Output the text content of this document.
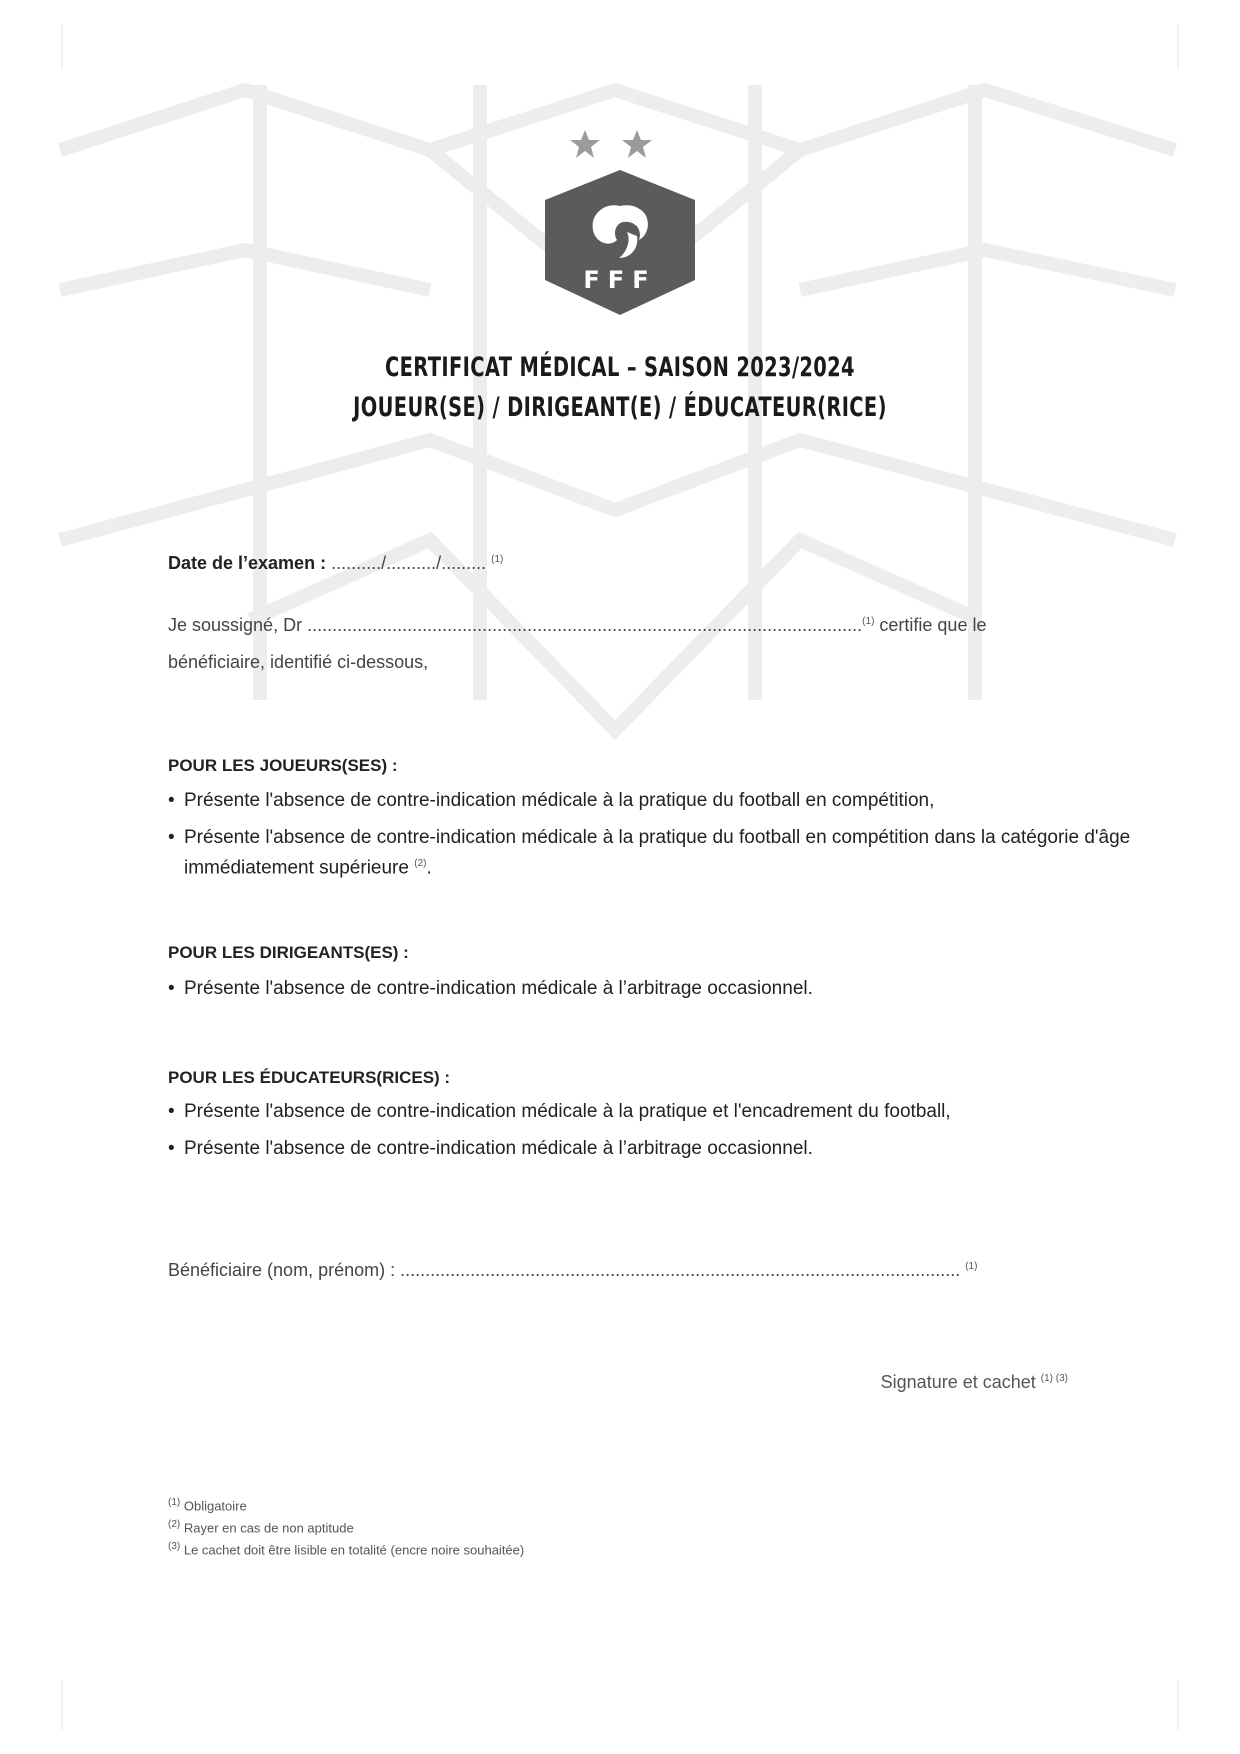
FFF
CERTIFICAT MÉDICAL – SAISON 2023/2024
JOUEUR(SE) / DIRIGEANT(E) / ÉDUCATEUR(RICE)
Date de l’examen : ........../........../......... $^{(1)}$
Je soussigné, Dr ...............................................................................................................$^{(1)}$ certifie que le
bénéficiaire, identifié ci-dessous,
POUR LES JOUEURS(SES) :
• Présente l'absence de contre-indication médicale à la pratique du football en compétition,
• Présente l'absence de contre-indication médicale à la pratique du football en compétition dans la catégorie d'âge immédiatement supérieure $^{(2)}$.
POUR LES DIRIGEANTS(ES) :
• Présente l'absence de contre-indication médicale à l’arbitrage occasionnel.
POUR LES ÉDUCATEURS(RICES) :
• Présente l'absence de contre-indication médicale à la pratique et l'encadrement du football,
• Présente l'absence de contre-indication médicale à l’arbitrage occasionnel.
Bénéficiaire (nom, prénom) : ................................................................................................................ $^{(1)}$
Signature et cachet $^{(1) (3)}$
$^{(1)}$ Obligatoire
$^{(2)}$ Rayer en cas de non aptitude
$^{(3)}$ Le cachet doit être lisible en totalité (encre noire souhaitée)
